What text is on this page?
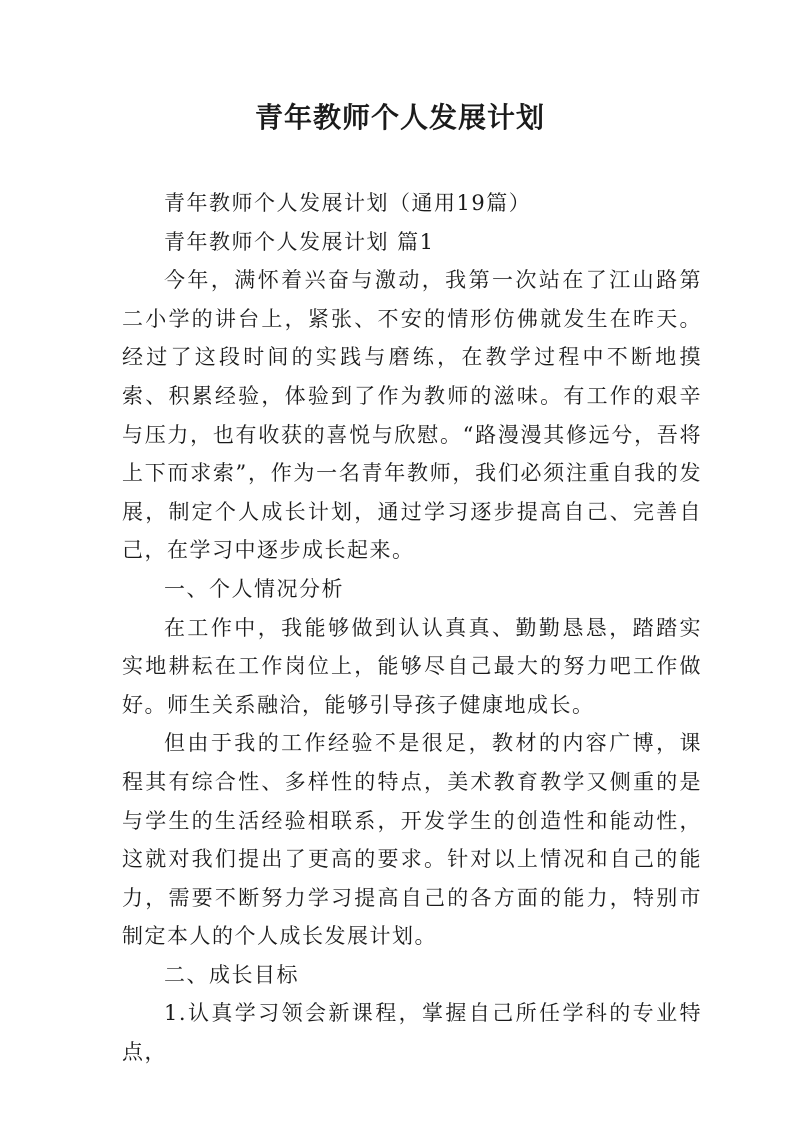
青年教师个人发展计划

青年教师个人发展计划（通用19篇）

青年教师个人发展计划 篇1

今年，满怀着兴奋与激动，我第一次站在了江山路第二小学的讲台上，紧张、不安的情形仿佛就发生在昨天。经过了这段时间的实践与磨练，在教学过程中不断地摸索、积累经验，体验到了作为教师的滋味。有工作的艰辛与压力，也有收获的喜悦与欣慰。“路漫漫其修远兮，吾将上下而求索”，作为一名青年教师，我们必须注重自我的发展，制定个人成长计划，通过学习逐步提高自己、完善自己，在学习中逐步成长起来。

一、个人情况分析

在工作中，我能够做到认认真真、勤勤恳恳，踏踏实实地耕耘在工作岗位上，能够尽自己最大的努力吧工作做好。师生关系融洽，能够引导孩子健康地成长。

但由于我的工作经验不是很足，教材的内容广博，课程其有综合性、多样性的特点，美术教育教学又侧重的是与学生的生活经验相联系，开发学生的创造性和能动性，这就对我们提出了更高的要求。针对以上情况和自己的能力，需要不断努力学习提高自己的各方面的能力，特别市制定本人的个人成长发展计划。

二、成长目标

1.认真学习领会新课程，掌握自己所任学科的专业特点，
